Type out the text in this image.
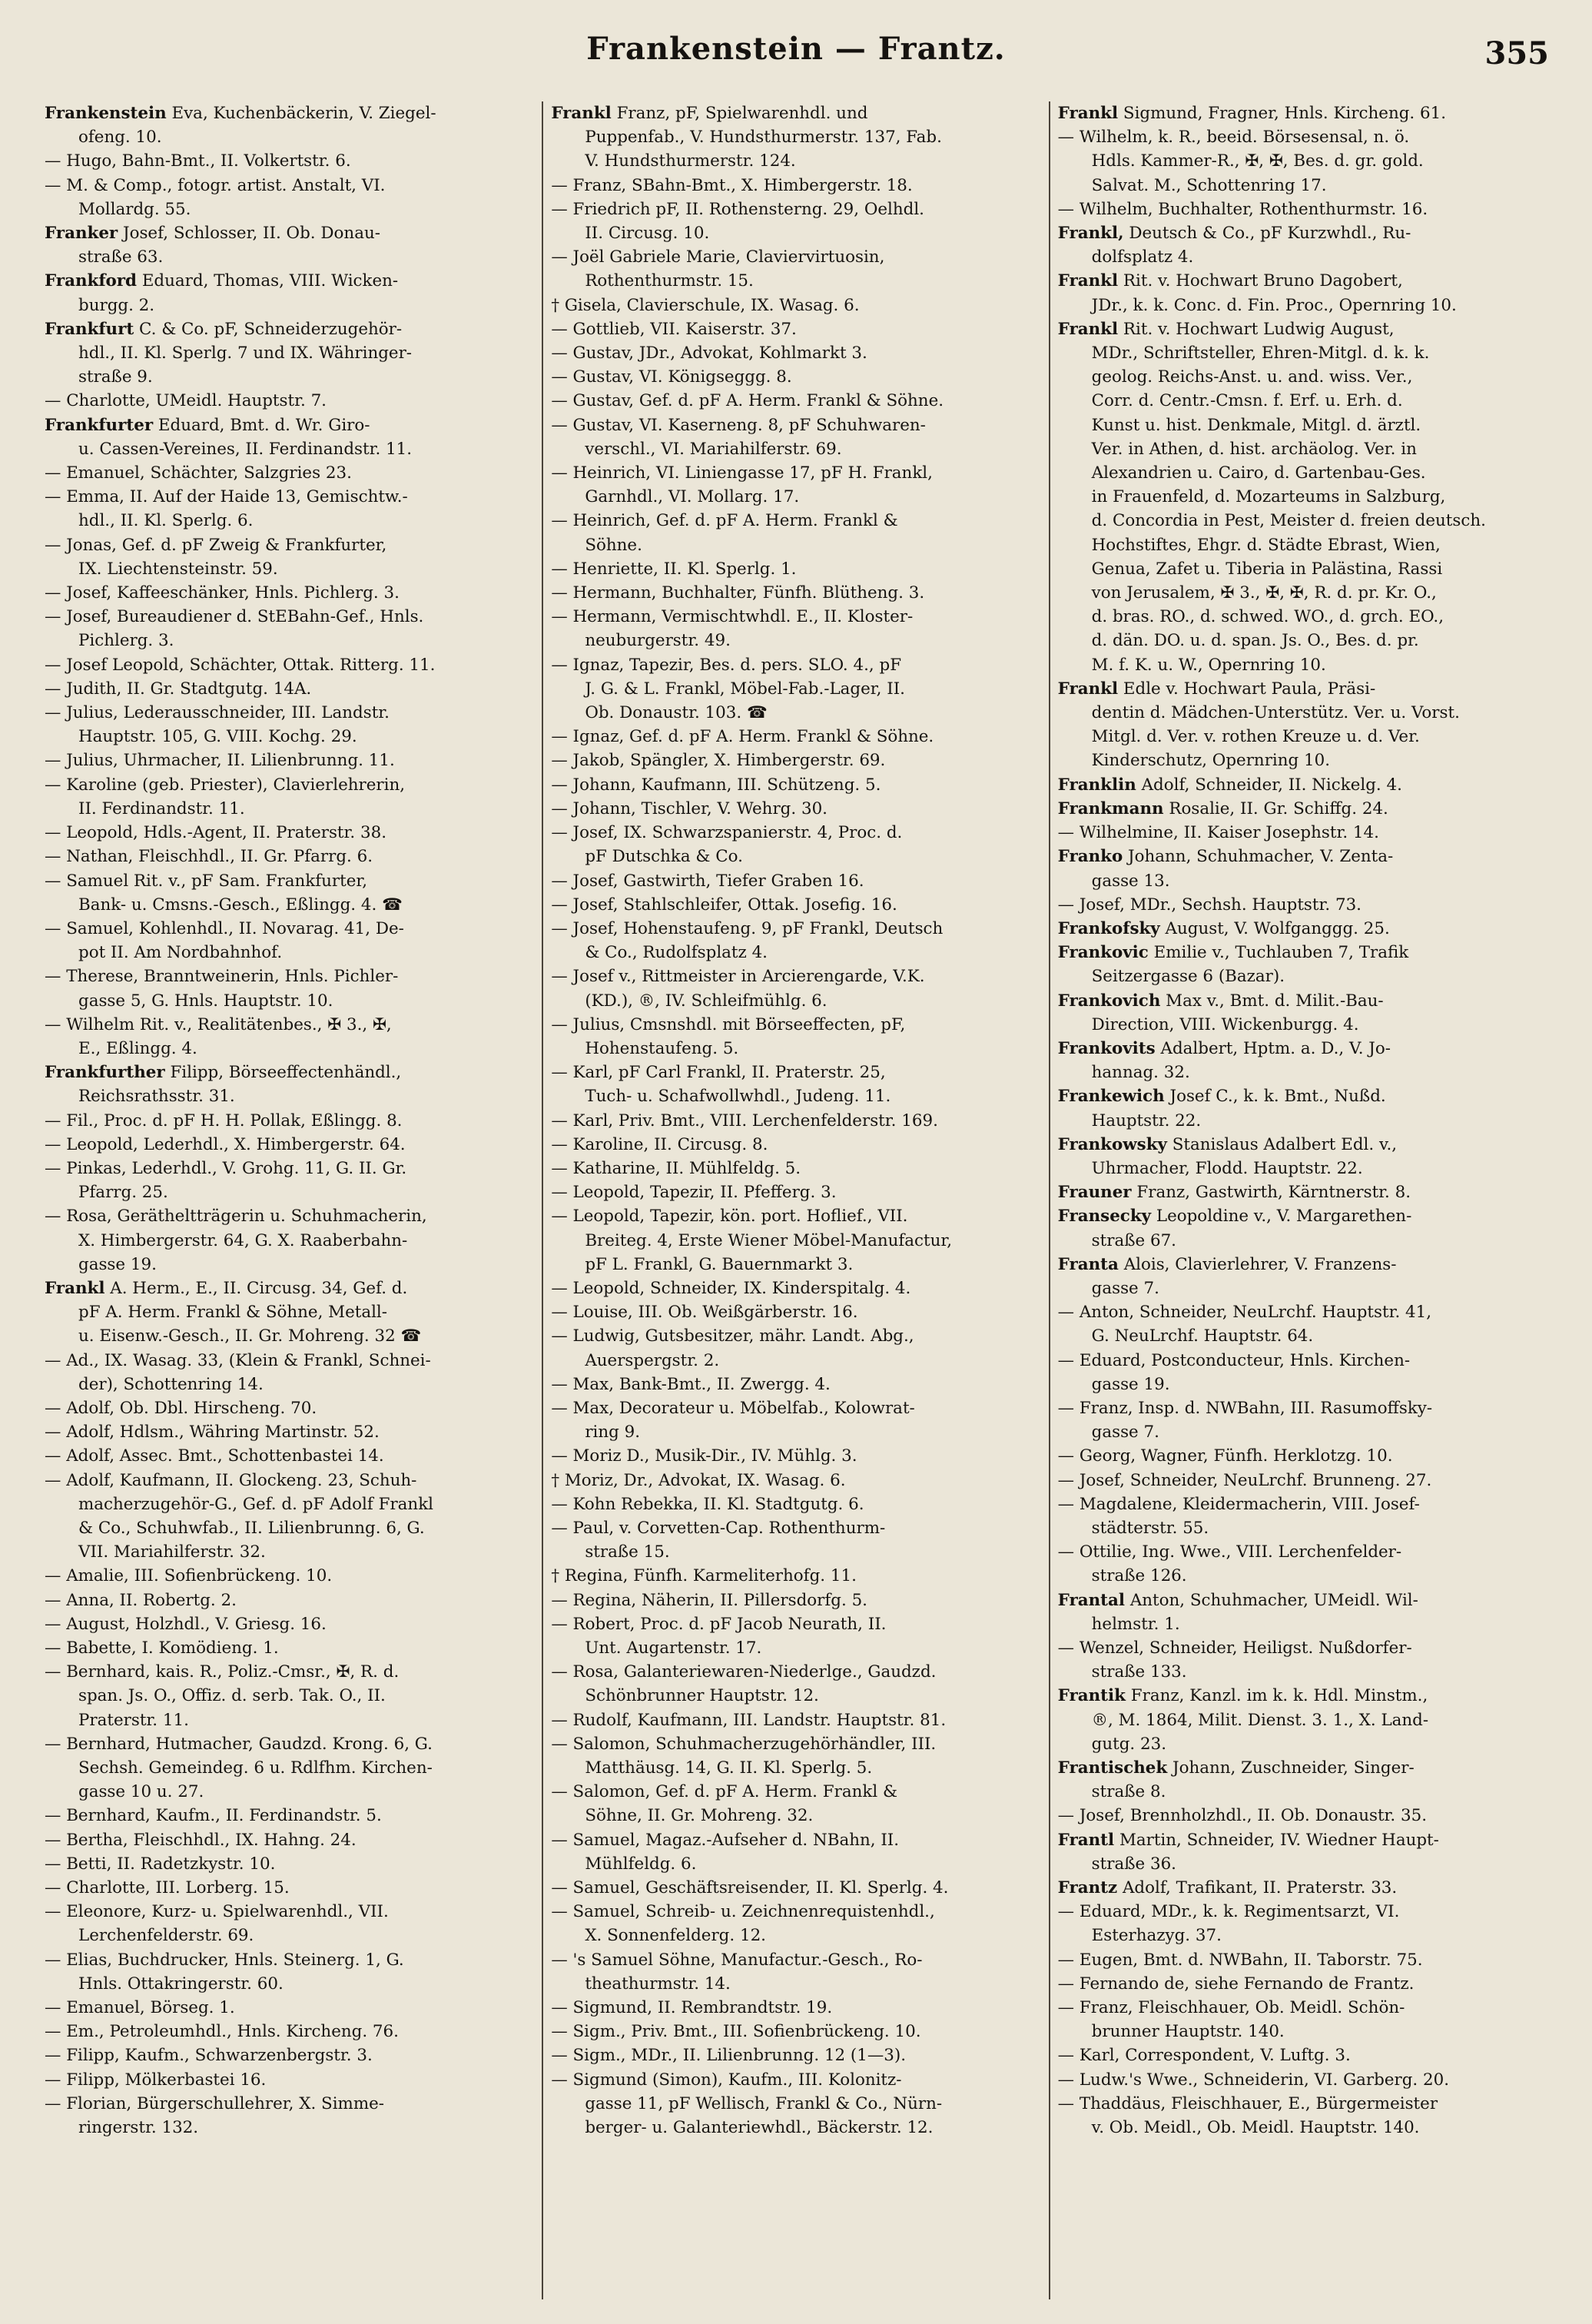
Frankenstein — Frantz.	355
Frankenstein Eva, Kuchenbäckerin, V. Ziegel-
ofeng. 10.
— Hugo, Bahn-Bmt., II. Volkertstr. 6.
— M. & Comp., fotogr. artist. Anstalt, VI.
Mollardg. 55.
Franker Josef, Schlosser, II. Ob. Donau-
straße 63.
Frankford Eduard, Thomas, VIII. Wicken-
burgg. 2.
Frankfurt C. & Co. pF, Schneiderzugehör-
hdl., II. Kl. Sperlg. 7 und IX. Währinger-
straße 9.
— Charlotte, UMeidl. Hauptstr. 7.
Frankfurter Eduard, Bmt. d. Wr. Giro-
u. Cassen-Vereines, II. Ferdinandstr. 11.
— Emanuel, Schächter, Salzgries 23.
— Emma, II. Auf der Haide 13, Gemischtw.-
hdl., II. Kl. Sperlg. 6.
— Jonas, Gef. d. pF Zweig & Frankfurter,
IX. Liechtensteinstr. 59.
— Josef, Kaffeeschänker, Hnls. Pichlerg. 3.
— Josef, Bureaudiener d. StEBahn-Gef., Hnls.
Pichlerg. 3.
— Josef Leopold, Schächter, Ottak. Ritterg. 11.
— Judith, II. Gr. Stadtgutg. 14A.
— Julius, Lederausschneider, III. Landstr.
Hauptstr. 105, G. VIII. Kochg. 29.
— Julius, Uhrmacher, II. Lilienbrunng. 11.
— Karoline (geb. Priester), Clavierlehrerin,
II. Ferdinandstr. 11.
— Leopold, Hdls.-Agent, II. Praterstr. 38.
— Nathan, Fleischhdl., II. Gr. Pfarrg. 6.
— Samuel Rit. v., pF Sam. Frankfurter,
Bank- u. Cmsns.-Gesch., Eßlingg. 4. ☎
— Samuel, Kohlenhdl., II. Novarag. 41, De-
pot II. Am Nordbahnhof.
— Therese, Branntweinerin, Hnls. Pichler-
gasse 5, G. Hnls. Hauptstr. 10.
— Wilhelm Rit. v., Realitätenbes., ✠ 3., ✠,
E., Eßlingg. 4.
Frankfurther Filipp, Börseeffectenhändl.,
Reichsrathsstr. 31.
— Fil., Proc. d. pF H. H. Pollak, Eßlingg. 8.
— Leopold, Lederhdl., X. Himbergerstr. 64.
— Pinkas, Lederhdl., V. Grohg. 11, G. II. Gr.
Pfarrg. 25.
— Rosa, Gerätheltträgerin u. Schuhmacherin,
X. Himbergerstr. 64, G. X. Raaberbahn-
gasse 19.
Frankl A. Herm., E., II. Circusg. 34, Gef. d.
pF A. Herm. Frankl & Söhne, Metall-
u. Eisenw.-Gesch., II. Gr. Mohreng. 32 ☎
— Ad., IX. Wasag. 33, (Klein & Frankl, Schnei-
der), Schottenring 14.
— Adolf, Ob. Dbl. Hirscheng. 70.
— Adolf, Hdlsm., Währing Martinstr. 52.
— Adolf, Assec. Bmt., Schottenbastei 14.
— Adolf, Kaufmann, II. Glockeng. 23, Schuh-
macherzugehör-G., Gef. d. pF Adolf Frankl
& Co., Schuhwfab., II. Lilienbrunng. 6, G.
VII. Mariahilferstr. 32.
— Amalie, III. Sofienbrückeng. 10.
— Anna, II. Robertg. 2.
— August, Holzhdl., V. Griesg. 16.
— Babette, I. Komödieng. 1.
— Bernhard, kais. R., Poliz.-Cmsr., ✠, R. d.
span. Js. O., Offiz. d. serb. Tak. O., II.
Praterstr. 11.
— Bernhard, Hutmacher, Gaudzd. Krong. 6, G.
Sechsh. Gemeindeg. 6 u. Rdlfhm. Kirchen-
gasse 10 u. 27.
— Bernhard, Kaufm., II. Ferdinandstr. 5.
— Bertha, Fleischhdl., IX. Hahng. 24.
— Betti, II. Radetzkystr. 10.
— Charlotte, III. Lorberg. 15.
— Eleonore, Kurz- u. Spielwarenhdl., VII.
Lerchenfelderstr. 69.
— Elias, Buchdrucker, Hnls. Steinerg. 1, G.
Hnls. Ottakringerstr. 60.
— Emanuel, Börseg. 1.
— Em., Petroleumhdl., Hnls. Kircheng. 76.
— Filipp, Kaufm., Schwarzenbergstr. 3.
— Filipp, Mölkerbastei 16.
— Florian, Bürgerschullehrer, X. Simme-
ringerstr. 132.
Frankl Franz, pF, Spielwarenhdl. und
Puppenfab., V. Hundsthurmerstr. 137, Fab.
V. Hundsthurmerstr. 124.
— Franz, SBahn-Bmt., X. Himbergerstr. 18.
— Friedrich pF, II. Rothensterng. 29, Oelhdl.
II. Circusg. 10.
— Joël Gabriele Marie, Claviervirtuosin,
Rothenthurmstr. 15.
† Gisela, Clavierschule, IX. Wasag. 6.
— Gottlieb, VII. Kaiserstr. 37.
— Gustav, JDr., Advokat, Kohlmarkt 3.
— Gustav, VI. Königseggg. 8.
— Gustav, Gef. d. pF A. Herm. Frankl & Söhne.
— Gustav, VI. Kaserneng. 8, pF Schuhwaren-
verschl., VI. Mariahilferstr. 69.
— Heinrich, VI. Liniengasse 17, pF H. Frankl,
Garnhdl., VI. Mollarg. 17.
— Heinrich, Gef. d. pF A. Herm. Frankl &
Söhne.
— Henriette, II. Kl. Sperlg. 1.
— Hermann, Buchhalter, Fünfh. Blütheng. 3.
— Hermann, Vermischtwhdl. E., II. Kloster-
neuburgerstr. 49.
— Ignaz, Tapezir, Bes. d. pers. SLO. 4., pF
J. G. & L. Frankl, Möbel-Fab.-Lager, II.
Ob. Donaustr. 103. ☎
— Ignaz, Gef. d. pF A. Herm. Frankl & Söhne.
— Jakob, Spängler, X. Himbergerstr. 69.
— Johann, Kaufmann, III. Schützeng. 5.
— Johann, Tischler, V. Wehrg. 30.
— Josef, IX. Schwarzspanierstr. 4, Proc. d.
pF Dutschka & Co.
— Josef, Gastwirth, Tiefer Graben 16.
— Josef, Stahlschleifer, Ottak. Josefig. 16.
— Josef, Hohenstaufeng. 9, pF Frankl, Deutsch
& Co., Rudolfsplatz 4.
— Josef v., Rittmeister in Arcierengarde, V.K.
(KD.), ®, IV. Schleifmühlg. 6.
— Julius, Cmsnshdl. mit Börseeffecten, pF,
Hohenstaufeng. 5.
— Karl, pF Carl Frankl, II. Praterstr. 25,
Tuch- u. Schafwollwhdl., Judeng. 11.
— Karl, Priv. Bmt., VIII. Lerchenfelderstr. 169.
— Karoline, II. Circusg. 8.
— Katharine, II. Mühlfeldg. 5.
— Leopold, Tapezir, II. Pfefferg. 3.
— Leopold, Tapezir, kön. port. Hoflief., VII.
Breiteg. 4, Erste Wiener Möbel-Manufactur,
pF L. Frankl, G. Bauernmarkt 3.
— Leopold, Schneider, IX. Kinderspitalg. 4.
— Louise, III. Ob. Weißgärberstr. 16.
— Ludwig, Gutsbesitzer, mähr. Landt. Abg.,
Auerspergstr. 2.
— Max, Bank-Bmt., II. Zwergg. 4.
— Max, Decorateur u. Möbelfab., Kolowrat-
ring 9.
— Moriz D., Musik-Dir., IV. Mühlg. 3.
† Moriz, Dr., Advokat, IX. Wasag. 6.
— Kohn Rebekka, II. Kl. Stadtgutg. 6.
— Paul, v. Corvetten-Cap. Rothenthurm-
straße 15.
† Regina, Fünfh. Karmeliterhofg. 11.
— Regina, Näherin, II. Pillersdorfg. 5.
— Robert, Proc. d. pF Jacob Neurath, II.
Unt. Augartenstr. 17.
— Rosa, Galanteriewaren-Niederlge., Gaudzd.
Schönbrunner Hauptstr. 12.
— Rudolf, Kaufmann, III. Landstr. Hauptstr. 81.
— Salomon, Schuhmacherzugehörhändler, III.
Matthäusg. 14, G. II. Kl. Sperlg. 5.
— Salomon, Gef. d. pF A. Herm. Frankl &
Söhne, II. Gr. Mohreng. 32.
— Samuel, Magaz.-Aufseher d. NBahn, II.
Mühlfeldg. 6.
— Samuel, Geschäftsreisender, II. Kl. Sperlg. 4.
— Samuel, Schreib- u. Zeichnenrequistenhdl.,
X. Sonnenfelderg. 12.
— 's Samuel Söhne, Manufactur.-Gesch., Ro-
theathurmstr. 14.
— Sigmund, II. Rembrandtstr. 19.
— Sigm., Priv. Bmt., III. Sofienbrückeng. 10.
— Sigm., MDr., II. Lilienbrunng. 12 (1—3).
— Sigmund (Simon), Kaufm., III. Kolonitz-
gasse 11, pF Wellisch, Frankl & Co., Nürn-
berger- u. Galanteriewhdl., Bäckerstr. 12.
Frankl Sigmund, Fragner, Hnls. Kircheng. 61.
— Wilhelm, k. R., beeid. Börsesensal, n. ö.
Hdls. Kammer-R., ✠, ✠, Bes. d. gr. gold.
Salvat. M., Schottenring 17.
— Wilhelm, Buchhalter, Rothenthurmstr. 16.
Frankl, Deutsch & Co., pF Kurzwhdl., Ru-
dolfsplatz 4.
Frankl Rit. v. Hochwart Bruno Dagobert,
JDr., k. k. Conc. d. Fin. Proc., Opernring 10.
Frankl Rit. v. Hochwart Ludwig August,
MDr., Schriftsteller, Ehren-Mitgl. d. k. k.
geolog. Reichs-Anst. u. and. wiss. Ver.,
Corr. d. Centr.-Cmsn. f. Erf. u. Erh. d.
Kunst u. hist. Denkmale, Mitgl. d. ärztl.
Ver. in Athen, d. hist. archäolog. Ver. in
Alexandrien u. Cairo, d. Gartenbau-Ges.
in Frauenfeld, d. Mozarteums in Salzburg,
d. Concordia in Pest, Meister d. freien deutsch.
Hochstiftes, Ehgr. d. Städte Ebrast, Wien,
Genua, Zafet u. Tiberia in Palästina, Rassi
von Jerusalem, ✠ 3., ✠, ✠, R. d. pr. Kr. O.,
d. bras. RO., d. schwed. WO., d. grch. EO.,
d. dän. DO. u. d. span. Js. O., Bes. d. pr.
M. f. K. u. W., Opernring 10.
Frankl Edle v. Hochwart Paula, Präsi-
dentin d. Mädchen-Unterstütz. Ver. u. Vorst.
Mitgl. d. Ver. v. rothen Kreuze u. d. Ver.
Kinderschutz, Opernring 10.
Franklin Adolf, Schneider, II. Nickelg. 4.
Frankmann Rosalie, II. Gr. Schiffg. 24.
— Wilhelmine, II. Kaiser Josephstr. 14.
Franko Johann, Schuhmacher, V. Zenta-
gasse 13.
— Josef, MDr., Sechsh. Hauptstr. 73.
Frankofsky August, V. Wolfganggg. 25.
Frankovic Emilie v., Tuchlauben 7, Trafik
Seitzergasse 6 (Bazar).
Frankovich Max v., Bmt. d. Milit.-Bau-
Direction, VIII. Wickenburgg. 4.
Frankovits Adalbert, Hptm. a. D., V. Jo-
hannag. 32.
Frankewich Josef C., k. k. Bmt., Nußd.
Hauptstr. 22.
Frankowsky Stanislaus Adalbert Edl. v.,
Uhrmacher, Flodd. Hauptstr. 22.
Frauner Franz, Gastwirth, Kärntnerstr. 8.
Fransecky Leopoldine v., V. Margarethen-
straße 67.
Franta Alois, Clavierlehrer, V. Franzens-
gasse 7.
— Anton, Schneider, NeuLrchf. Hauptstr. 41,
G. NeuLrchf. Hauptstr. 64.
— Eduard, Postconducteur, Hnls. Kirchen-
gasse 19.
— Franz, Insp. d. NWBahn, III. Rasumoffsky-
gasse 7.
— Georg, Wagner, Fünfh. Herklotzg. 10.
— Josef, Schneider, NeuLrchf. Brunneng. 27.
— Magdalene, Kleidermacherin, VIII. Josef-
städterstr. 55.
— Ottilie, Ing. Wwe., VIII. Lerchenfelder-
straße 126.
Frantal Anton, Schuhmacher, UMeidl. Wil-
helmstr. 1.
— Wenzel, Schneider, Heiligst. Nußdorfer-
straße 133.
Frantik Franz, Kanzl. im k. k. Hdl. Minstm.,
®, M. 1864, Milit. Dienst. 3. 1., X. Land-
gutg. 23.
Frantischek Johann, Zuschneider, Singer-
straße 8.
— Josef, Brennholzhdl., II. Ob. Donaustr. 35.
Frantl Martin, Schneider, IV. Wiedner Haupt-
straße 36.
Frantz Adolf, Trafikant, II. Praterstr. 33.
— Eduard, MDr., k. k. Regimentsarzt, VI.
Esterhazyg. 37.
— Eugen, Bmt. d. NWBahn, II. Taborstr. 75.
— Fernando de, siehe Fernando de Frantz.
— Franz, Fleischhauer, Ob. Meidl. Schön-
brunner Hauptstr. 140.
— Karl, Correspondent, V. Luftg. 3.
— Ludw.'s Wwe., Schneiderin, VI. Garberg. 20.
— Thaddäus, Fleischhauer, E., Bürgermeister
v. Ob. Meidl., Ob. Meidl. Hauptstr. 140.
